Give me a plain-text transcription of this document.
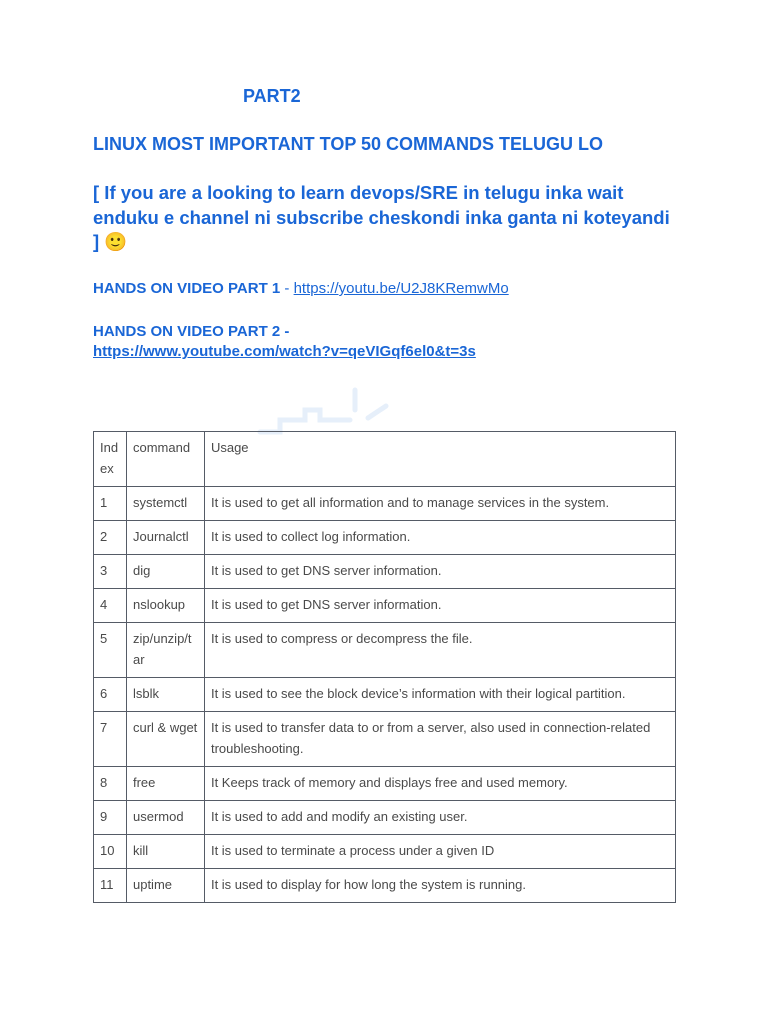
PART2
LINUX MOST IMPORTANT TOP 50 COMMANDS TELUGU LO

[ If you are a looking to learn devops/SRE in telugu inka wait enduku e channel ni subscribe cheskondi inka ganta ni koteyandi ] 🙂

HANDS ON VIDEO PART 1 - https://youtu.be/U2J8KRemwMo

HANDS ON VIDEO PART 2 -
https://www.youtube.com/watch?v=qeVIGqf6el0&t=3s

Ind ex	command	Usage
1	systemctl	It is used to get all information and to manage services in the system.
2	Journalctl	It is used to collect log information.
3	dig	It is used to get DNS server information.
4	nslookup	It is used to get DNS server information.
5	zip/unzip/t ar	It is used to compress or decompress the file.
6	lsblk	It is used to see the block device’s information with their logical partition.
7	curl & wget	It is used to transfer data to or from a server, also used in connection-related troubleshooting.
8	free	It Keeps track of memory and displays free and used memory.
9	usermod	It is used to add and modify an existing user.
10	kill	It is used to terminate a process under a given ID
11	uptime	It is used to display for how long the system is running.
